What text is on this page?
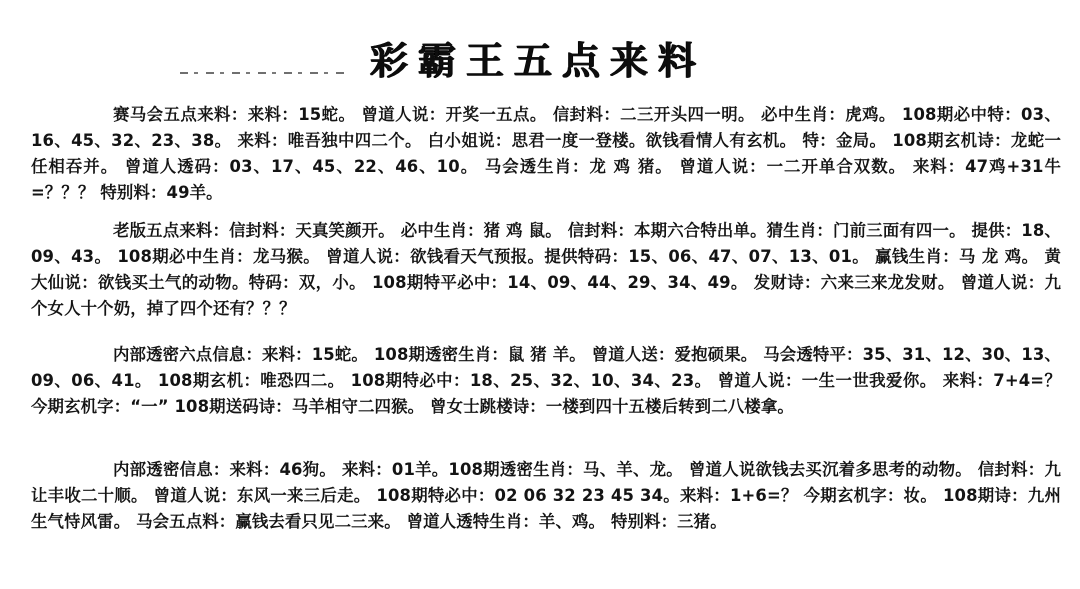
彩霸王五点来料

赛马会五点来料：来料：15蛇。 曾道人说：开奖一五点。 信封料：二三开头四一明。 必中生肖：虎鸡。 108期必中特：03、16、45、32、23、38。 来料：唯吾独中四二个。 白小姐说：思君一度一登楼。欲钱看情人有玄机。 特：金局。 108期玄机诗：龙蛇一任相吞并。 曾道人透码：03、17、45、22、46、10。 马会透生肖：龙 鸡 猪。 曾道人说：一二开单合双数。 来料：47鸡+31牛=？？？ 特别料：49羊。

老版五点来料：信封料：天真笑颜开。 必中生肖：猪 鸡 鼠。 信封料：本期六合特出单。猜生肖：门前三面有四一。 提供：18、09、43。 108期必中生肖：龙马猴。 曾道人说：欲钱看天气预报。提供特码：15、06、47、07、13、01。 赢钱生肖：马 龙 鸡。 黄大仙说：欲钱买土气的动物。特码：双，小。 108期特平必中：14、09、44、29、34、49。 发财诗：六来三来龙发财。 曾道人说：九个女人十个奶，掉了四个还有？？？

内部透密六点信息：来料：15蛇。 108期透密生肖：鼠 猪 羊。 曾道人送：爱抱硕果。 马会透特平：35、31、12、30、13、09、06、41。 108期玄机：唯恐四二。 108期特必中：18、25、32、10、34、23。 曾道人说：一生一世我爱你。 来料：7+4=？ 今期玄机字：“一” 108期送码诗：马羊相守二四猴。 曾女士跳楼诗：一楼到四十五楼后转到二八楼拿。

内部透密信息：来料：46狗。 来料：01羊。108期透密生肖：马、羊、龙。 曾道人说欲钱去买沉着多思考的动物。 信封料：九让丰收二十顺。 曾道人说：东风一来三后走。 108期特必中：02 06 32 23 45 34。来料：1+6=？ 今期玄机字：妆。 108期诗：九州生气恃风雷。 马会五点料：赢钱去看只见二三来。 曾道人透特生肖：羊、鸡。 特别料：三猪。
